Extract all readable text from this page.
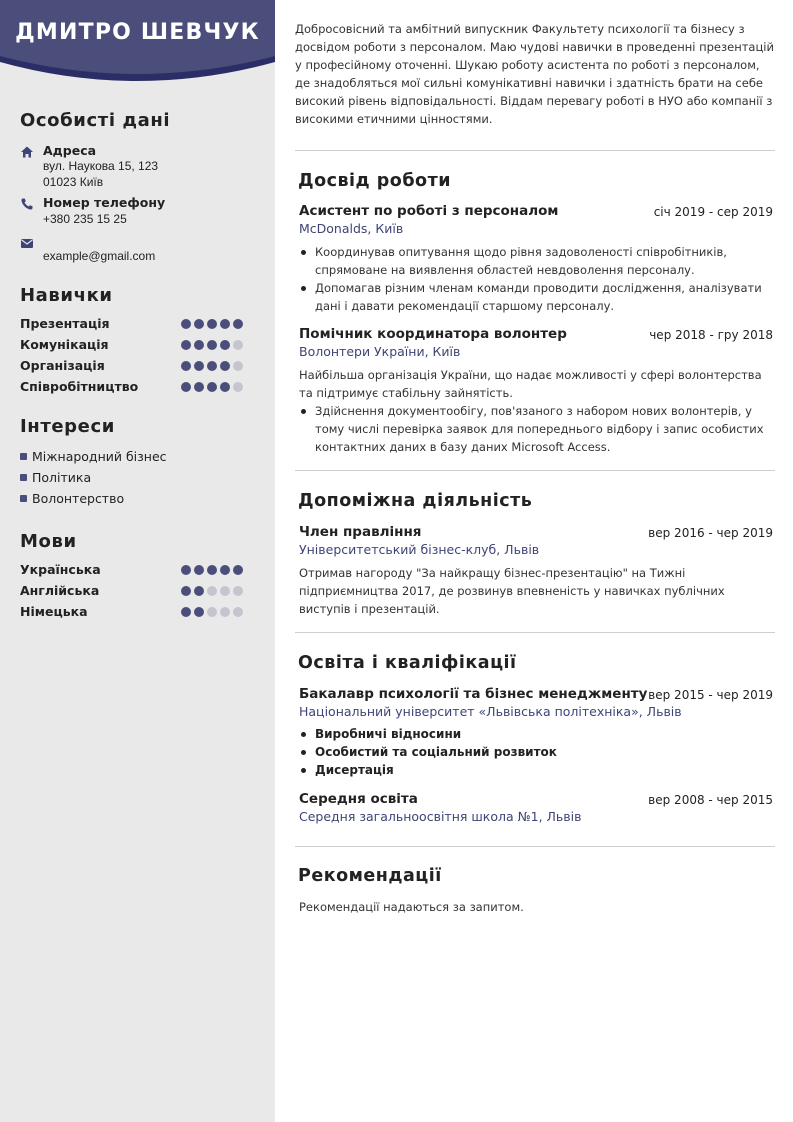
ДМИТРО ШЕВЧУК
Особисті дані
Адреса
вул. Наукова 15, 123
01023 Київ
Номер телефону
+380 235 15 25
example@gmail.com
Навички
Презентація
Комунікація
Організація
Співробітництво
Інтереси
Міжнародний бізнес
Політика
Волонтерство
Мови
Українська
Англійська
Німецька

Добросовісний та амбітний випускник Факультету психології та бізнесу з досвідом роботи з персоналом. Маю чудові навички в проведенні презентацій у професійному оточенні. Шукаю роботу асистента по роботі з персоналом, де знадобляться мої сильні комунікативні навички і здатність брати на себе високий рівень відповідальності. Віддам перевагу роботі в НУО або компанії з високими етичними цінностями.

Досвід роботи
Асистент по роботі з персоналом	січ 2019 - сер 2019
McDonalds, Київ
Координував опитування щодо рівня задоволеності співробітників, спрямоване на виявлення областей невдоволення персоналу.
Допомагав різним членам команди проводити дослідження, аналізувати дані і давати рекомендації старшому персоналу.
Помічник координатора волонтер	чер 2018 - гру 2018
Волонтери України, Київ

Найбільша організація України, що надає можливості у сфері волонтерства та підтримує стабільну зайнятість.

Здійснення документообігу, пов'язаного з набором нових волонтерів, у тому числі перевірка заявок для попереднього відбору і запис особистих контактних даних в базу даних Microsoft Access.
Допоміжна діяльність
Член правління	вер 2016 - чер 2019
Університетський бізнес-клуб, Львів

Отримав нагороду "За найкращу бізнес-презентацію" на Тижні підприємництва 2017, де розвинув впевненість у навичках публічних виступів і презентацій.

Освіта і кваліфікації
Бакалавр психології та бізнес менеджменту вер 2015 - чер 2019
Національний університет «Львівська політехніка», Львів
Виробничі відносини
Особистий та соціальний розвиток
Дисертація
Середня освіта	вер 2008 - чер 2015
Середня загальноосвітня школа №1, Львів
Рекомендації

Рекомендації надаються за запитом.
